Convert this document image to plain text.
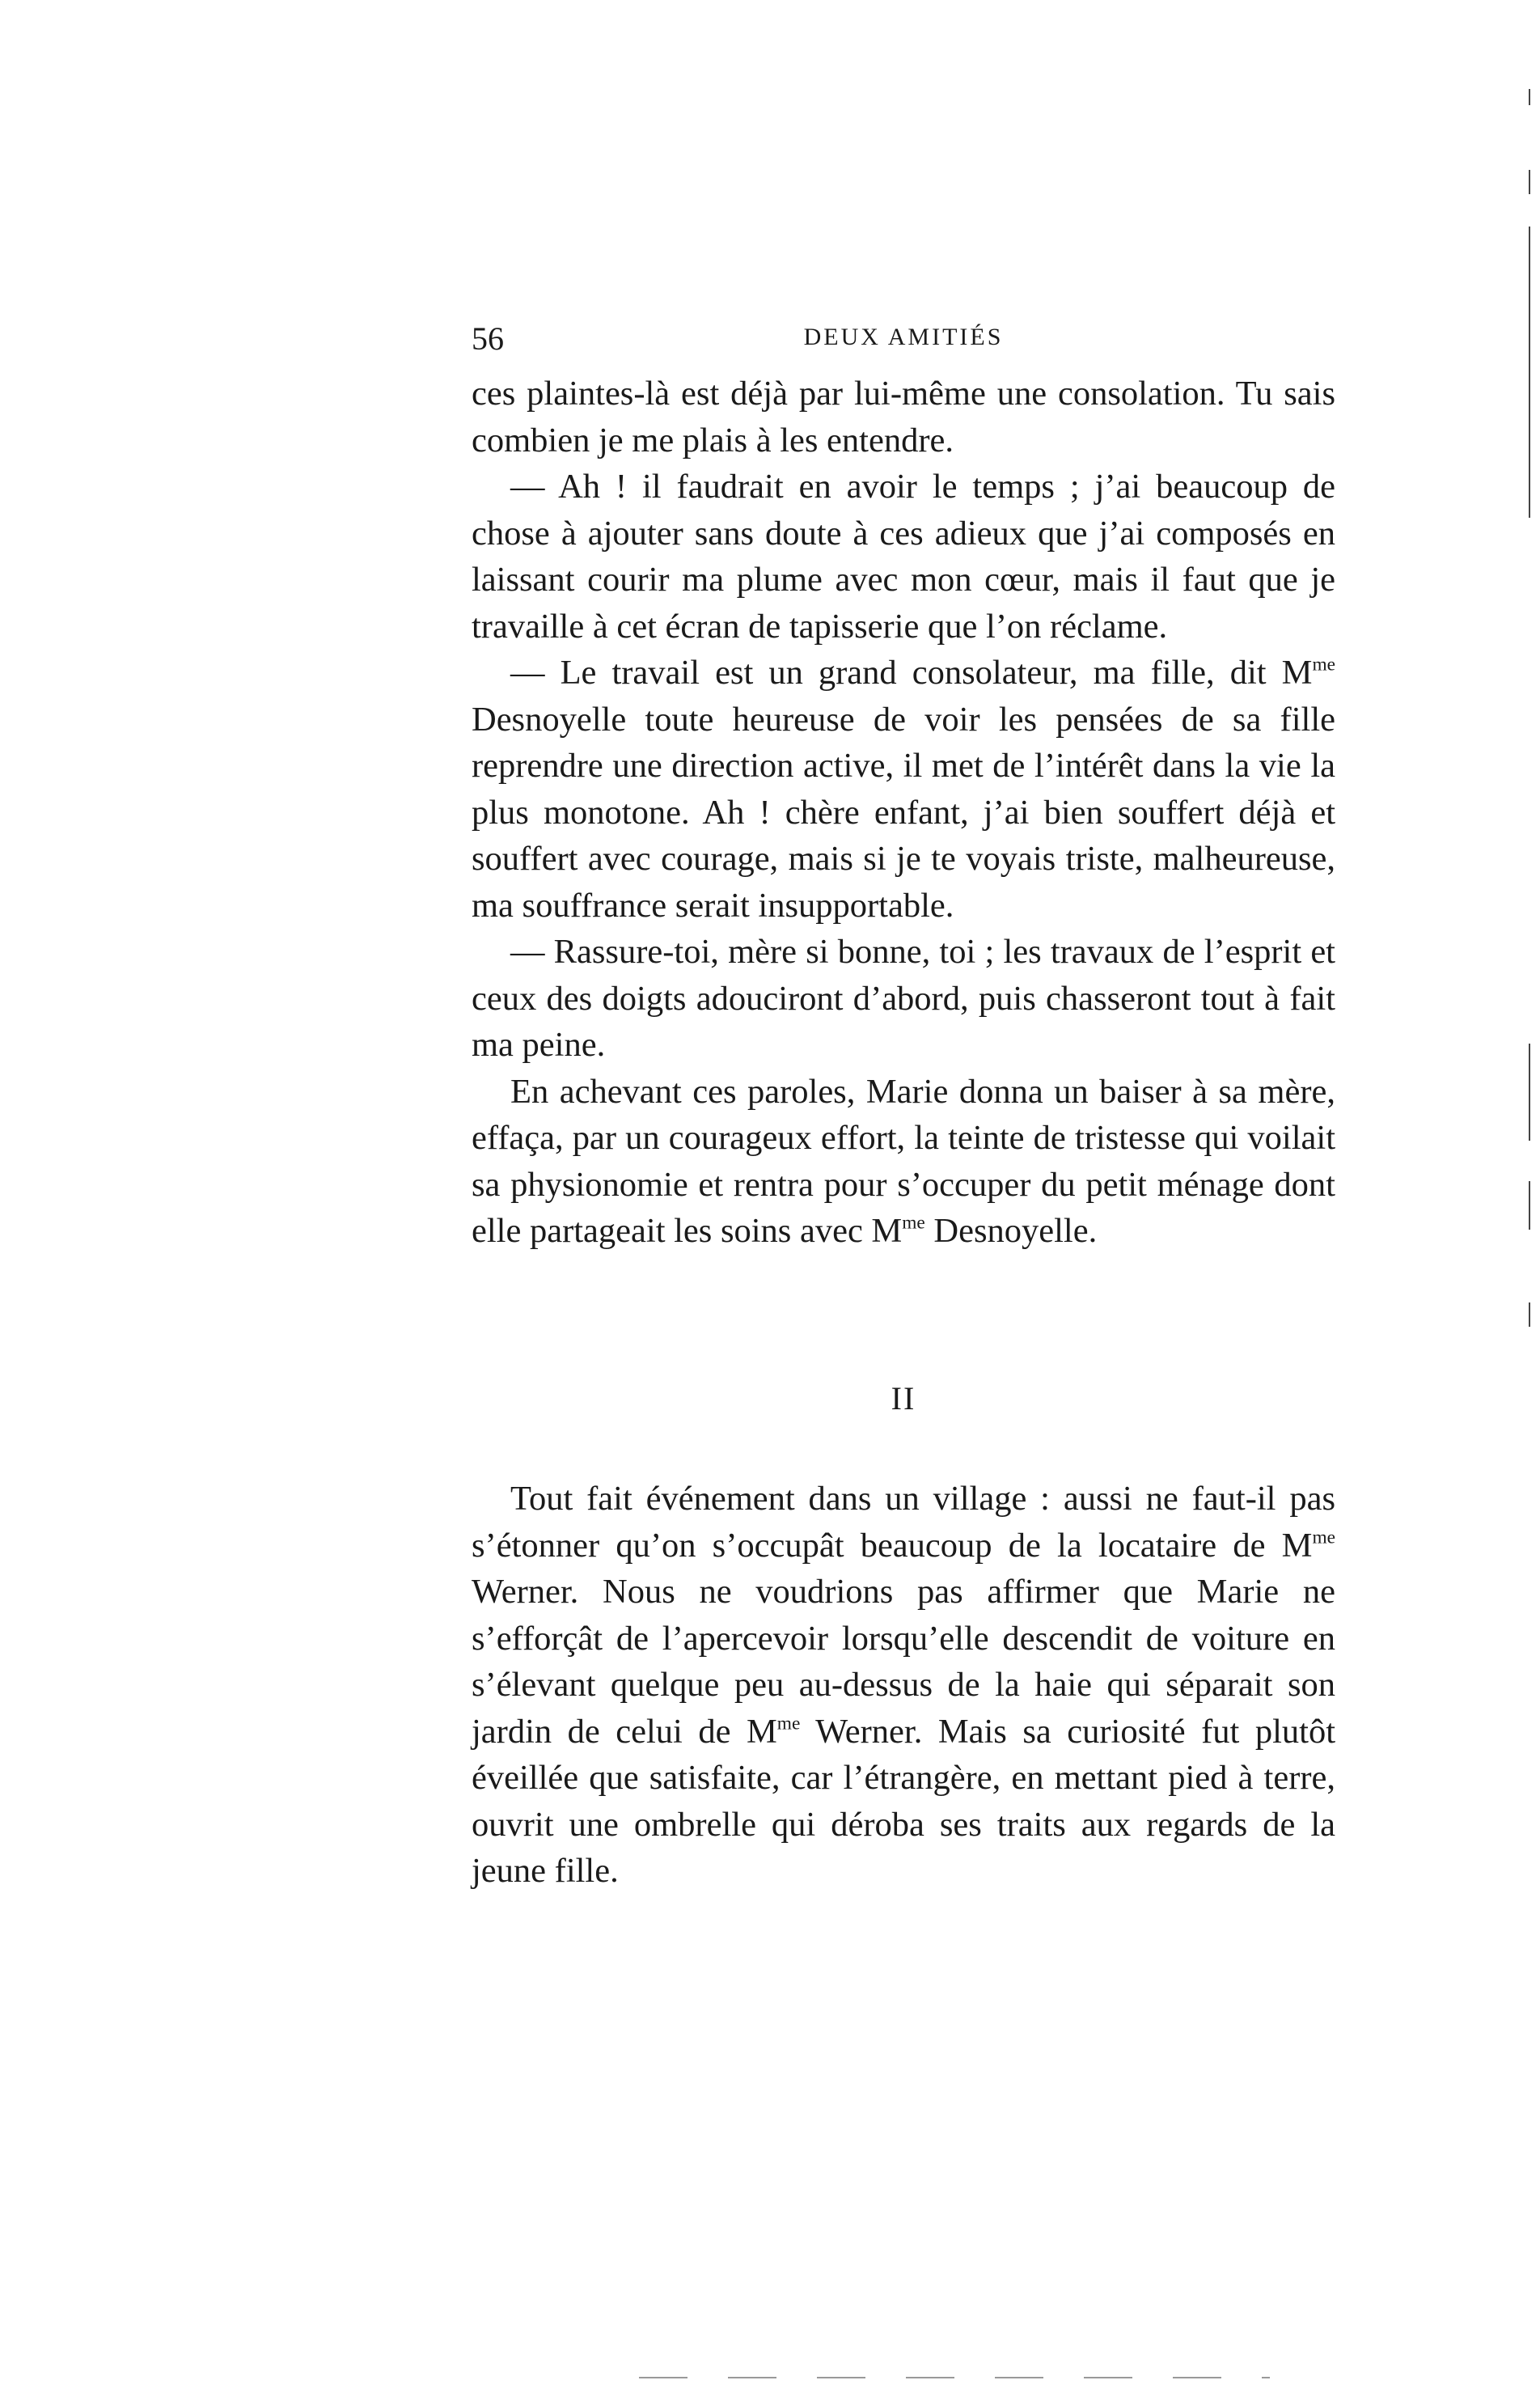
56	DEUX AMITIÉS

ces plaintes-là est déjà par lui-même une consolation. Tu sais combien je me plais à les entendre.

— Ah ! il faudrait en avoir le temps ; j’ai beaucoup de chose à ajouter sans doute à ces adieux que j’ai composés en laissant courir ma plume avec mon cœur, mais il faut que je travaille à cet écran de tapisserie que l’on réclame.

— Le travail est un grand consolateur, ma fille, dit $M^{me}$ Desnoyelle toute heureuse de voir les pensées de sa fille reprendre une direction active, il met de l’intérêt dans la vie la plus monotone. Ah ! chère enfant, j’ai bien souffert déjà et souffert avec courage, mais si je te voyais triste, malheureuse, ma souffrance serait insupportable.

— Rassure-toi, mère si bonne, toi ; les travaux de l’esprit et ceux des doigts adouciront d’abord, puis chasseront tout à fait ma peine.

En achevant ces paroles, Marie donna un baiser à sa mère, effaça, par un courageux effort, la teinte de tristesse qui voilait sa physionomie et rentra pour s’occuper du petit ménage dont elle partageait les soins avec $M^{me}$ Desnoyelle.

II

Tout fait événement dans un village : aussi ne faut-il pas s’étonner qu’on s’occupât beaucoup de la locataire de $M^{me}$ Werner. Nous ne voudrions pas affirmer que Marie ne s’efforçât de l’apercevoir lorsqu’elle descendit de voiture en s’élevant quelque peu au-dessus de la haie qui séparait son jardin de celui de $M^{me}$ Werner. Mais sa curiosité fut plutôt éveillée que satisfaite, car l’étrangère, en mettant pied à terre, ouvrit une ombrelle qui déroba ses traits aux regards de la jeune fille.
